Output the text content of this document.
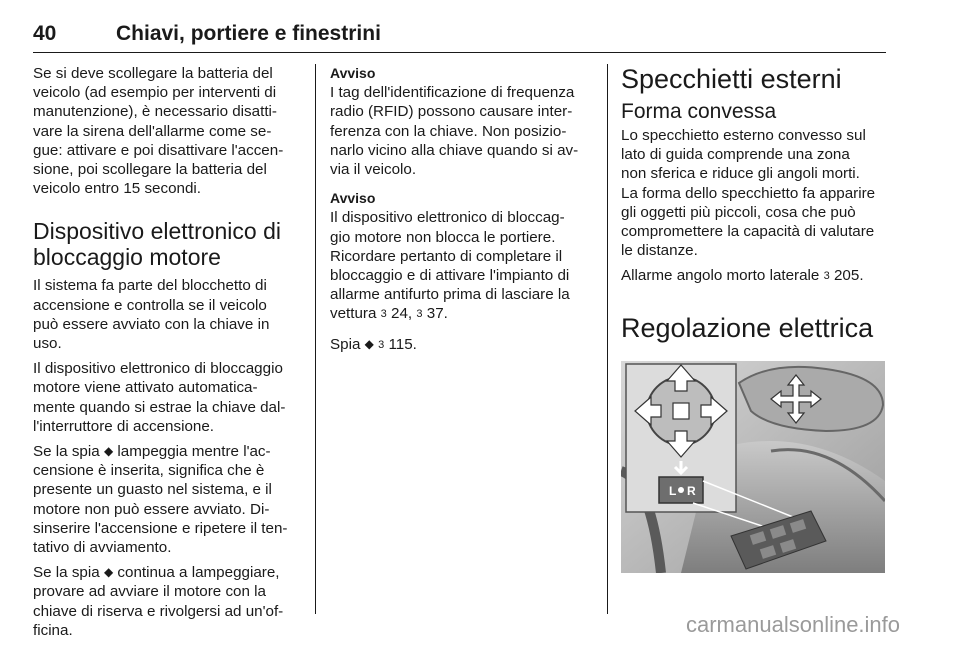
40	Chiavi, portiere e finestrini

Se si deve scollegare la batteria del
veicolo (ad esempio per interventi di
manutenzione), è necessario disatti-
vare la sirena dell'allarme come se-
gue: attivare e poi disattivare l'accen-
sione, poi scollegare la batteria del
veicolo entro 15 secondi.

Dispositivo elettronico di
bloccaggio motore

Il sistema fa parte del blocchetto di
accensione e controlla se il veicolo
può essere avviato con la chiave in
uso.

Il dispositivo elettronico di bloccaggio
motore viene attivato automatica-
mente quando si estrae la chiave dal-
l'interruttore di accensione.

Se la spia ◆ lampeggia mentre l'ac-
censione è inserita, significa che è
presente un guasto nel sistema, e il
motore non può essere avviato. Di-
sinserire l'accensione e ripetere il ten-
tativo di avviamento.

Se la spia ◆ continua a lampeggiare,
provare ad avviare il motore con la
chiave di riserva e rivolgersi ad un'of-
ficina.

Avviso
I tag dell'identificazione di frequenza
radio (RFID) possono causare inter-
ferenza con la chiave. Non posizio-
narlo vicino alla chiave quando si av-
via il veicolo.
Avviso
Il dispositivo elettronico di bloccag-
gio motore non blocca le portiere.
Ricordare pertanto di completare il
bloccaggio e di attivare l'impianto di
allarme antifurto prima di lasciare la
vettura 3 24, 3 37.

Spia ◆ 3 115.

Specchietti esterni
Forma convessa

Lo specchietto esterno convesso sul
lato di guida comprende una zona
non sferica e riduce gli angoli morti.
La forma dello specchietto fa apparire
gli oggetti più piccoli, cosa che può
compromettere la capacità di valutare
le distanze.

Allarme angolo morto laterale 3 205.

Regolazione elettrica
L R
carmanualsonline.info
